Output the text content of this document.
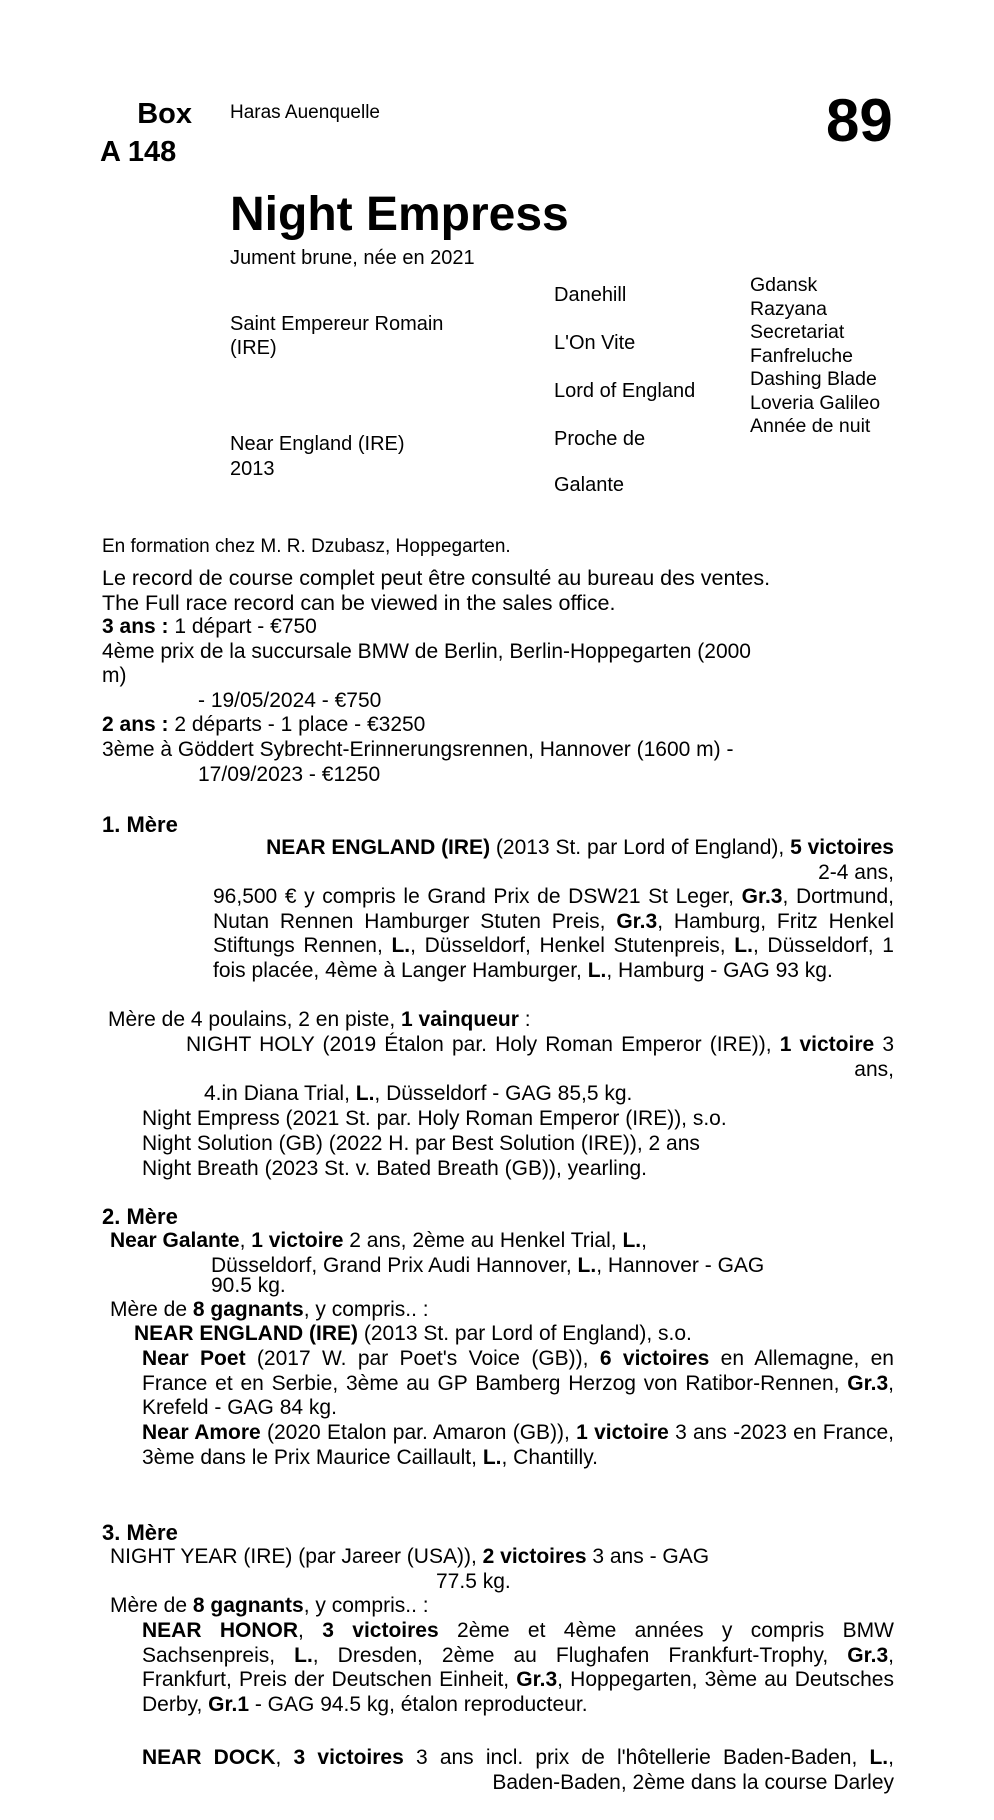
Box
A 148
Haras Auenquelle	89
Night Empress
Jument brune, née en 2021
Saint Empereur Romain
(IRE)
Near England (IRE)
2013
Danehill
L'On Vite
Lord of England
Proche de
Galante
Gdansk
Razyana
Secretariat
Fanfreluche
Dashing Blade
Loveria Galileo
Année de nuit
En formation chez M. R. Dzubasz, Hoppegarten.
Le record de course complet peut être consulté au bureau des ventes.
The Full race record can be viewed in the sales office.
3 ans : 1 départ - €750
4ème prix de la succursale BMW de Berlin, Berlin-Hoppegarten (2000
m)
- 19/05/2024 - €750
2 ans : 2 départs - 1 place - €3250
3ème à Göddert Sybrecht-Erinnerungsrennen, Hannover (1600 m) -
17/09/2023 - €1250
1. Mère
NEAR ENGLAND (IRE) (2013 St. par Lord of England), 5 victoires
2-4 ans,
96,500 € y compris le Grand Prix de DSW21 St Leger, Gr.3, Dortmund, Nutan Rennen Hamburger Stuten Preis, Gr.3, Hamburg, Fritz Henkel Stiftungs Rennen, L., Düsseldorf, Henkel Stutenpreis, L., Düsseldorf, 1 fois placée, 4ème à Langer Hamburger, L., Hamburg - GAG 93 kg.
Mère de 4 poulains, 2 en piste, 1 vainqueur :
NIGHT HOLY (2019 Étalon par. Holy Roman Emperor (IRE)), 1 victoire 3 ans,
4.in Diana Trial, L., Düsseldorf - GAG 85,5 kg.
Night Empress (2021 St. par. Holy Roman Emperor (IRE)), s.o.
Night Solution (GB) (2022 H. par Best Solution (IRE)), 2 ans
Night Breath (2023 St. v. Bated Breath (GB)), yearling.
2. Mère
Near Galante, 1 victoire 2 ans, 2ème au Henkel Trial, L.,
Düsseldorf, Grand Prix Audi Hannover, L., Hannover - GAG
90.5 kg.
Mère de 8 gagnants, y compris.. :
NEAR ENGLAND (IRE) (2013 St. par Lord of England), s.o.
Near Poet (2017 W. par Poet's Voice (GB)), 6 victoires en Allemagne, en France et en Serbie, 3ème au GP Bamberg Herzog von Ratibor-Rennen, Gr.3, Krefeld - GAG 84 kg.
Near Amore (2020 Etalon par. Amaron (GB)), 1 victoire 3 ans -2023 en France, 3ème dans le Prix Maurice Caillault, L., Chantilly.
3. Mère
NIGHT YEAR (IRE) (par Jareer (USA)), 2 victoires 3 ans - GAG
77.5 kg.
Mère de 8 gagnants, y compris.. :
NEAR HONOR, 3 victoires 2ème et 4ème années y compris BMW Sachsenpreis, L., Dresden, 2ème au Flughafen Frankfurt-Trophy, Gr.3, Frankfurt, Preis der Deutschen Einheit, Gr.3, Hoppegarten, 3ème au Deutsches Derby, Gr.1 - GAG 94.5 kg, étalon reproducteur.
NEAR DOCK, 3 victoires 3 ans incl. prix de l'hôtellerie Baden-Baden, L., Baden-Baden, 2ème dans la course Darley
